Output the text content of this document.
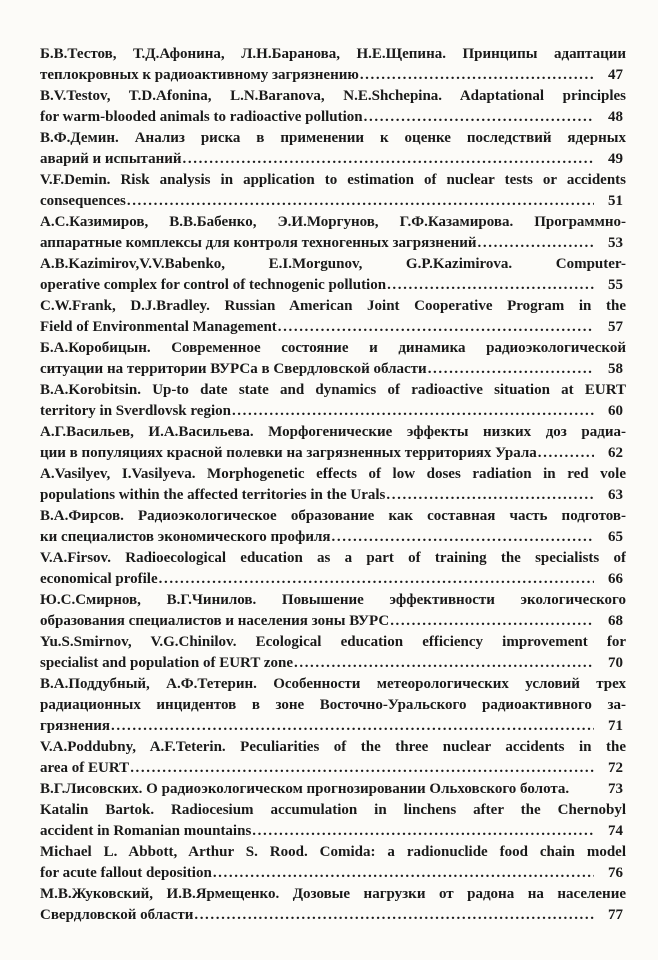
Б.В.Тестов, Т.Д.Афонина, Л.Н.Баранова, Н.Е.Щепина. Принципы адаптации
теплокровных к радиоактивному загрязнению .....	47
B.V.Testov, T.D.Afonina, L.N.Baranova, N.E.Shchepina. Adaptational principles
for warm-blooded animals to radioactive pollution .....	48
В.Ф.Демин. Анализ риска в применении к оценке последствий ядерных
аварий и испытаний .....	49
V.F.Demin. Risk analysis in application to estimation of nuclear tests or accidents
consequences .....	51
А.С.Казимиров, В.В.Бабенко, Э.И.Моргунов, Г.Ф.Казамирова. Программно-
аппаратные комплексы для контроля техногенных загрязнений .....	53
A.B.Kazimirov,V.V.Babenko, E.I.Morgunov, G.P.Kazimirova. Computer-
operative complex for control of technogenic pollution .....	55
C.W.Frank, D.J.Bradley. Russian American Joint Cooperative Program in the
Field of Environmental Management .....	57
Б.А.Коробицын. Современное состояние и динамика радиоэкологической
ситуации на территории ВУРСа в Свердловской области .....	58
B.A.Korobitsin. Up-to date state and dynamics of radioactive situation at EURT
territory in Sverdlovsk region .....	60
А.Г.Васильев, И.А.Васильева. Морфогенические эффекты низких доз радиа-
ции в популяциях красной полевки на загрязненных территориях Урала .....	62
A.Vasilyev, I.Vasilyeva. Morphogenetic effects of low doses radiation in red vole
populations within the affected territories in the Urals .....	63
В.А.Фирсов. Радиоэкологическое образование как составная часть подготов-
ки специалистов экономического профиля .....	65
V.A.Firsov. Radioecological education as a part of training the specialists of
economical profile .....	66
Ю.С.Смирнов, В.Г.Чинилов. Повышение эффективности экологического
образования специалистов и населения зоны ВУРС .....	68
Yu.S.Smirnov, V.G.Chinilov. Ecological education efficiency improvement for
specialist and population of EURT zone .....	70
В.А.Поддубный, А.Ф.Тетерин. Особенности метеорологических условий трех
радиационных инцидентов в зоне Восточно-Уральского радиоактивного за-
грязнения .....	71
V.A.Poddubny, A.F.Teterin. Peculiarities of the three nuclear accidents in the
area of EURT .....	72
В.Г.Лисовских. О радиоэкологическом прогнозировании Ольховского болота.	73
Katalin Bartok. Radiocesium accumulation in linchens after the Chernobyl
accident in Romanian mountains .....	74
Michael L. Abbott, Arthur S. Rood. Comida: a radionuclide food chain model
for acute fallout deposition .....	76
М.В.Жуковский, И.В.Ярмещенко. Дозовые нагрузки от радона на население
Свердловской области .....	77
